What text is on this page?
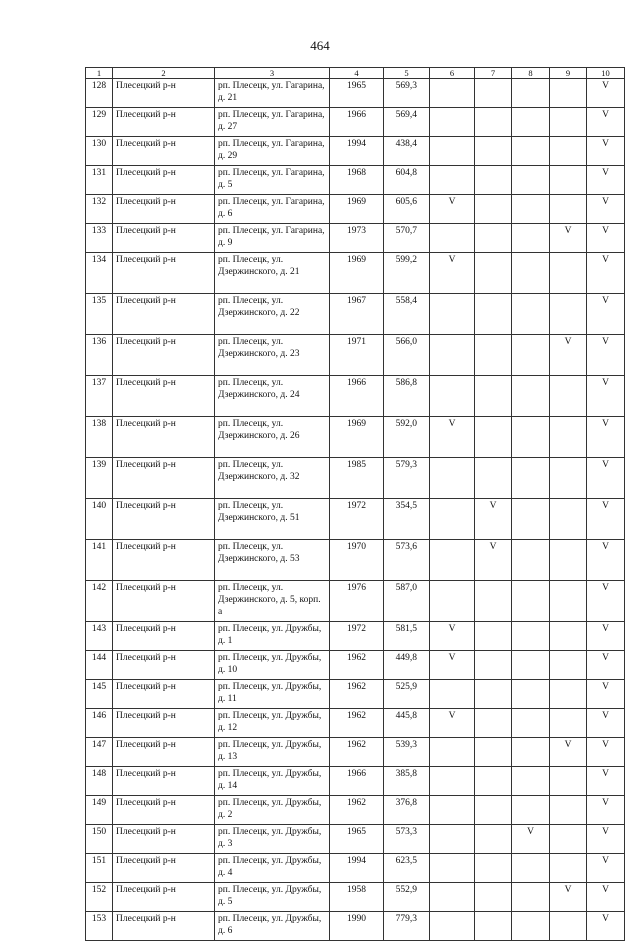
464
1	2	3	4	5	6	7	8	9	10
128	Плесецкий р-н	рп. Плесецк, ул. Гагарина, д. 21	1965	569,3					V
129	Плесецкий р-н	рп. Плесецк, ул. Гагарина, д. 27	1966	569,4					V
130	Плесецкий р-н	рп. Плесецк, ул. Гагарина, д. 29	1994	438,4					V
131	Плесецкий р-н	рп. Плесецк, ул. Гагарина, д. 5	1968	604,8					V
132	Плесецкий р-н	рп. Плесецк, ул. Гагарина, д. 6	1969	605,6	V				V
133	Плесецкий р-н	рп. Плесецк, ул. Гагарина, д. 9	1973	570,7				V	V
134	Плесецкий р-н	рп. Плесецк, ул. Дзержинского, д. 21	1969	599,2	V				V
135	Плесецкий р-н	рп. Плесецк, ул. Дзержинского, д. 22	1967	558,4					V
136	Плесецкий р-н	рп. Плесецк, ул. Дзержинского, д. 23	1971	566,0				V	V
137	Плесецкий р-н	рп. Плесецк, ул. Дзержинского, д. 24	1966	586,8					V
138	Плесецкий р-н	рп. Плесецк, ул. Дзержинского, д. 26	1969	592,0	V				V
139	Плесецкий р-н	рп. Плесецк, ул. Дзержинского, д. 32	1985	579,3					V
140	Плесецкий р-н	рп. Плесецк, ул. Дзержинского, д. 51	1972	354,5		V			V
141	Плесецкий р-н	рп. Плесецк, ул. Дзержинского, д. 53	1970	573,6		V			V
142	Плесецкий р-н	рп. Плесецк, ул. Дзержинского, д. 5, корп. а	1976	587,0					V
143	Плесецкий р-н	рп. Плесецк, ул. Дружбы, д. 1	1972	581,5	V				V
144	Плесецкий р-н	рп. Плесецк, ул. Дружбы, д. 10	1962	449,8	V				V
145	Плесецкий р-н	рп. Плесецк, ул. Дружбы, д. 11	1962	525,9					V
146	Плесецкий р-н	рп. Плесецк, ул. Дружбы, д. 12	1962	445,8	V				V
147	Плесецкий р-н	рп. Плесецк, ул. Дружбы, д. 13	1962	539,3				V	V
148	Плесецкий р-н	рп. Плесецк, ул. Дружбы, д. 14	1966	385,8					V
149	Плесецкий р-н	рп. Плесецк, ул. Дружбы, д. 2	1962	376,8					V
150	Плесецкий р-н	рп. Плесецк, ул. Дружбы, д. 3	1965	573,3			V		V
151	Плесецкий р-н	рп. Плесецк, ул. Дружбы, д. 4	1994	623,5					V
152	Плесецкий р-н	рп. Плесецк, ул. Дружбы, д. 5	1958	552,9				V	V
153	Плесецкий р-н	рп. Плесецк, ул. Дружбы, д. 6	1990	779,3					V
